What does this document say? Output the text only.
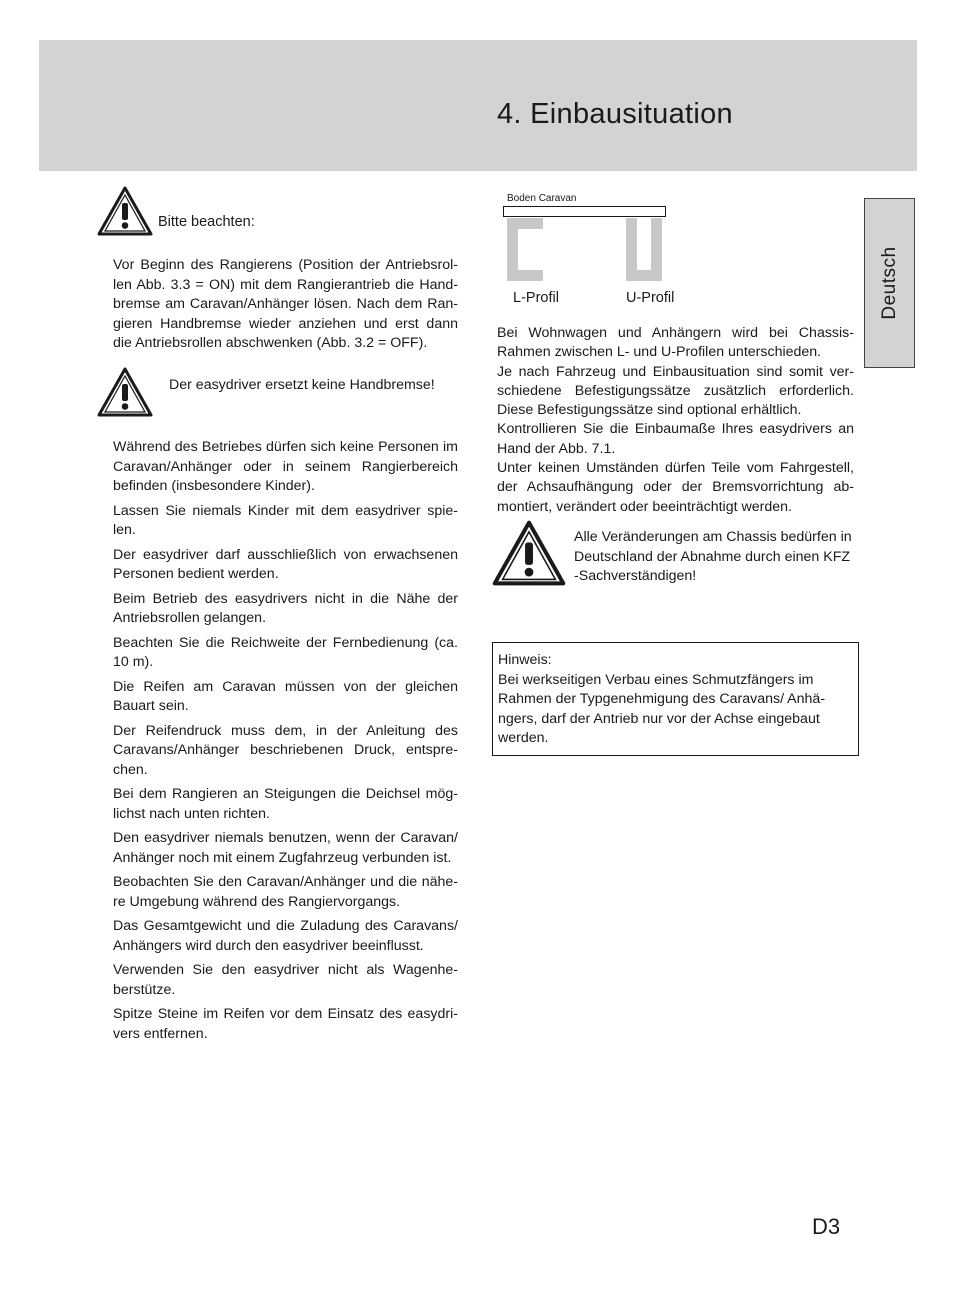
4. Einbausituation
Deutsch
Bitte beachten:
Vor Beginn des Rangierens (Position der Antriebsrol-
len Abb. 3.3 = ON) mit dem Rangierantrieb die Hand-
bremse am Caravan/Anhänger lösen. Nach dem Ran-
gieren Handbremse wieder anziehen und erst dann
die Antriebsrollen abschwenken (Abb. 3.2 = OFF).
Der easydriver ersetzt keine Handbremse!

Während des Betriebes dürfen sich keine Personen im Caravan/Anhänger oder in seinem Rangierbereich befinden (insbesondere Kinder).

Lassen Sie niemals Kinder mit dem easydriver spie- len.

Der easydriver darf ausschließlich von erwachsenen Personen bedient werden.

Beim Betrieb des easydrivers nicht in die Nähe der Antriebsrollen gelangen.

Beachten Sie die Reichweite der Fernbedienung (ca. 10 m).

Die Reifen am Caravan müssen von der gleichen Bauart sein.

Der Reifendruck muss dem, in der Anleitung des Caravans/Anhänger beschriebenen Druck, entspre- chen.

Bei dem Rangieren an Steigungen die Deichsel mög- lichst nach unten richten.

Den easydriver niemals benutzen, wenn der Caravan/ Anhänger noch mit einem Zugfahrzeug verbunden ist.

Beobachten Sie den Caravan/Anhänger und die nähe- re Umgebung während des Rangiervorgangs.

Das Gesamtgewicht und die Zuladung des Caravans/ Anhängers wird durch den easydriver beeinflusst.

Verwenden Sie den easydriver nicht als Wagenhe- berstütze.

Spitze Steine im Reifen vor dem Einsatz des easydri- vers entfernen.

Boden Caravan
L-Profil	U-Profil

Bei Wohnwagen und Anhängern wird bei Chassis-

Rahmen zwischen L- und U-Profilen unterschieden.

Je nach Fahrzeug und Einbausituation sind somit ver-

schiedene Befestigungssätze zusätzlich erforderlich.

Diese Befestigungssätze sind optional erhältlich.

Kontrollieren Sie die Einbaumaße Ihres easydrivers an

Hand der Abb. 7.1.

Unter keinen Umständen dürfen Teile vom Fahrgestell,

der Achsaufhängung oder der Bremsvorrichtung ab-

montiert, verändert oder beeinträchtigt werden.

Alle Veränderungen am Chassis bedürfen in
Deutschland der Abnahme durch einen KFZ
-Sachverständigen!
Hinweis:
Bei werkseitigen Verbau eines Schmutzfängers im
Rahmen der Typgenehmigung des Caravans/ Anhä-
ngers, darf der Antrieb nur vor der Achse eingebaut
werden.
D3
